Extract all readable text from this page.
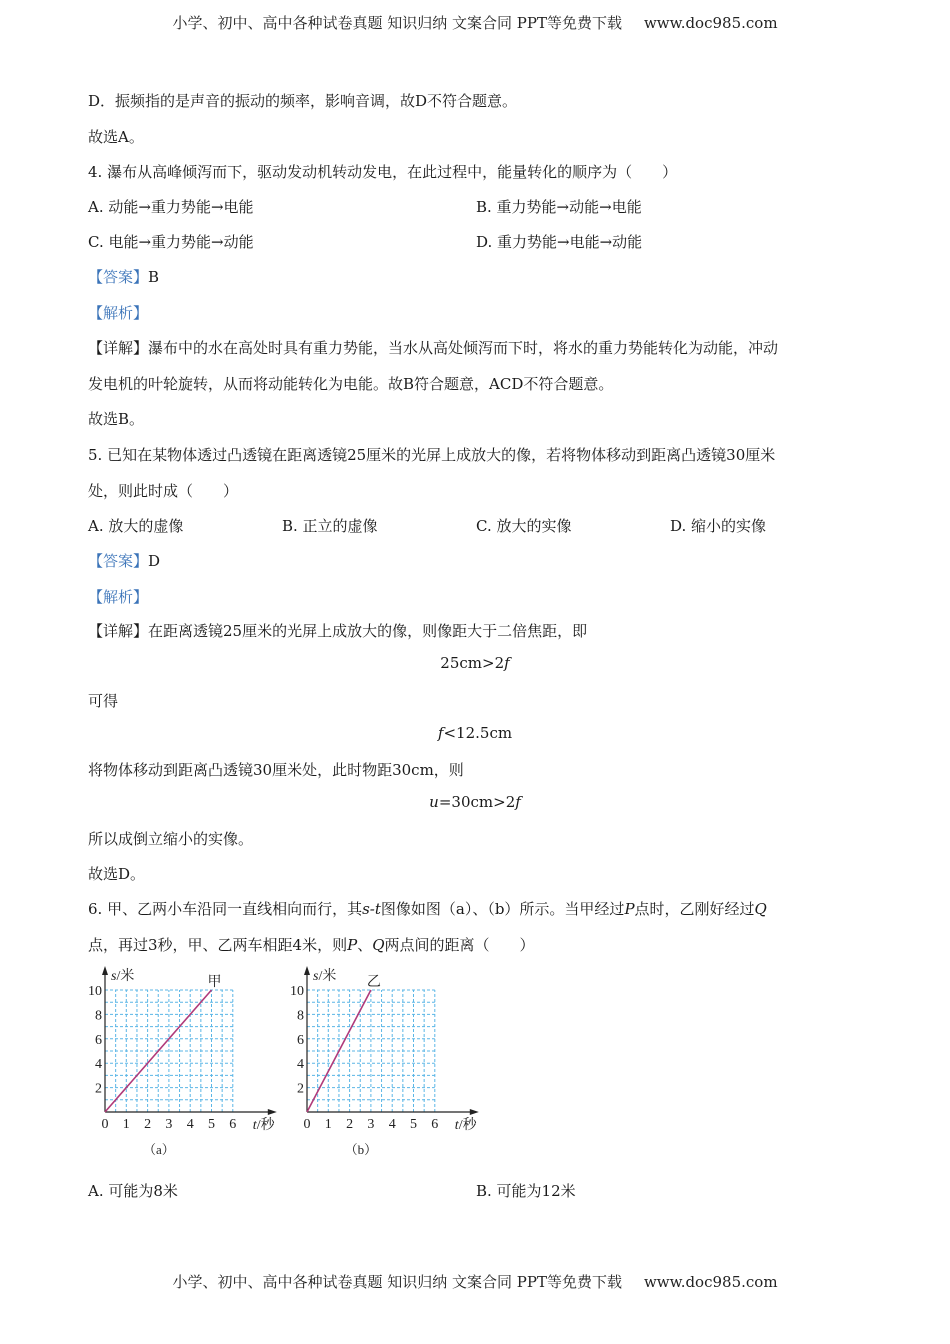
小学、初中、高中各种试卷真题 知识归纳 文案合同 PPT等免费下载 www.doc985.com
D．振频指的是声音的振动的频率，影响音调，故D不符合题意。
故选A。
4. 瀑布从高峰倾泻而下，驱动发动机转动发电，在此过程中，能量转化的顺序为（　　）
A. 动能→重力势能→电能	B. 重力势能→动能→电能
C. 电能→重力势能→动能	D. 重力势能→电能→动能
【答案】B
【解析】
【详解】瀑布中的水在高处时具有重力势能，当水从高处倾泻而下时，将水的重力势能转化为动能，冲动
发电机的叶轮旋转，从而将动能转化为电能。故B符合题意，ACD不符合题意。
故选B。
5. 已知在某物体透过凸透镜在距离透镜25厘米的光屏上成放大的像，若将物体移动到距离凸透镜30厘米
处，则此时成（　　）
A. 放大的虚像	B. 正立的虚像	C. 放大的实像	D. 缩小的实像
【答案】D
【解析】
【详解】在距离透镜25厘米的光屏上成放大的像，则像距大于二倍焦距，即
25cm>2f
可得
f<12.5cm
将物体移动到距离凸透镜30厘米处，此时物距30cm，则
u=30cm>2f
所以成倒立缩小的实像。
故选D。
6. 甲、乙两小车沿同一直线相向而行，其s-t图像如图（a）、（b）所示。当甲经过P点时，乙刚好经过Q
点，再过3秒，甲、乙两车相距4米，则P、Q两点间的距离（　　）
0 1 2 3 4 5 6
2
4
6
8
10
t/秒
s/米	甲
（a）
0 1 2 3 4 5 6
2
4
6
8
10
t/秒
s/米 乙
（b）
A. 可能为8米	B. 可能为12米
小学、初中、高中各种试卷真题 知识归纳 文案合同 PPT等免费下载 www.doc985.com
